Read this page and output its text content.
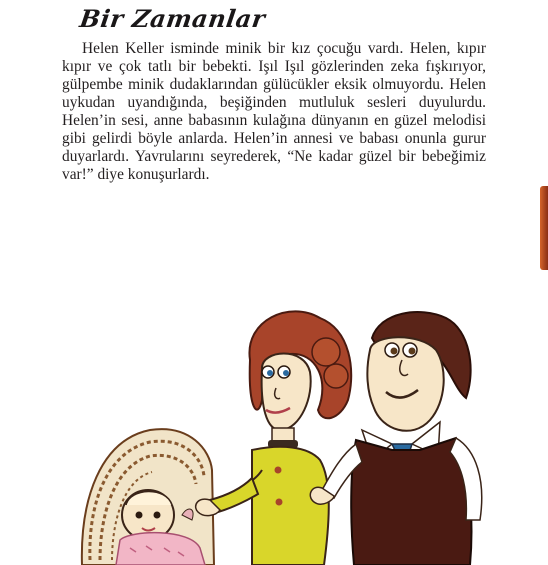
Bir Zamanlar

Helen Keller isminde minik bir kız çocuğu vardı. Helen, kıpır kıpır ve çok tatlı bir bebekti. Işıl Işıl gözlerinden zeka fışkırıyor, gülpembe minik dudaklarından gülücükler eksik olmuyordu. Helen uykudan uyandığında, beşiğinden mutluluk sesleri duyulurdu. Helen’in sesi, anne babasının kulağına dünyanın en güzel melodisi gibi gelirdi böyle anlarda. Helen’in annesi ve babası onunla gurur duyarlardı. Yavrularını seyrederek, “Ne kadar güzel bir bebeğimiz var!” diye konuşurlardı.
